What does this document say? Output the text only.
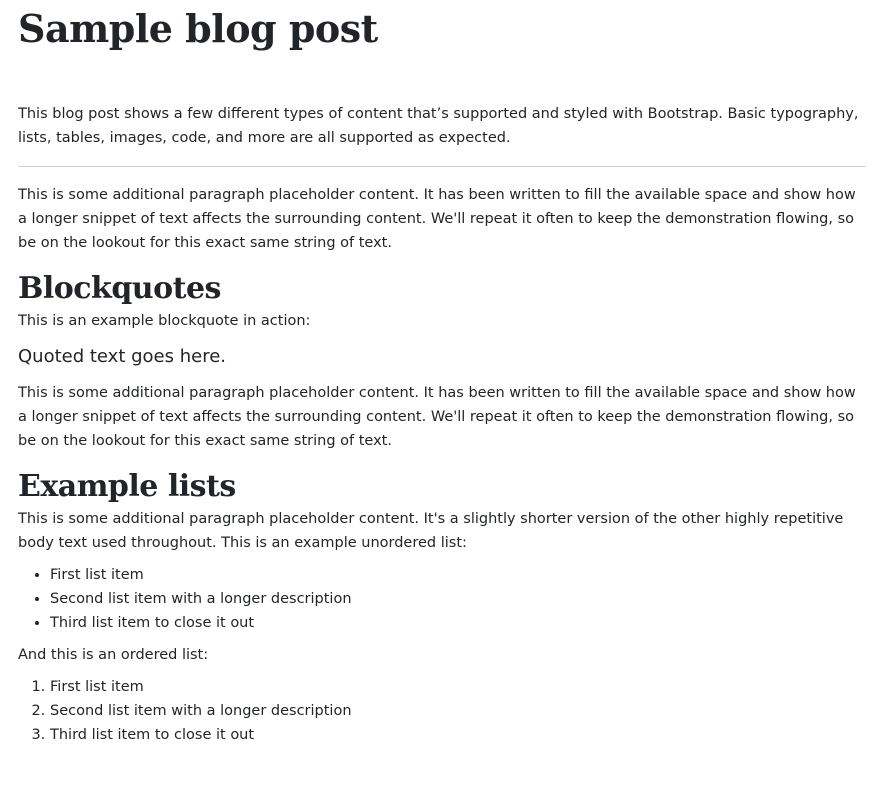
Sample blog post

This blog post shows a few different types of content that’s supported and styled with Bootstrap. Basic typography, lists, tables, images, code, and more are all supported as expected.

This is some additional paragraph placeholder content. It has been written to fill the available space and show how a longer snippet of text affects the surrounding content. We'll repeat it often to keep the demonstration flowing, so be on the lookout for this exact same string of text.

Blockquotes

This is an example blockquote in action:

Quoted text goes here.

This is some additional paragraph placeholder content. It has been written to fill the available space and show how a longer snippet of text affects the surrounding content. We'll repeat it often to keep the demonstration flowing, so be on the lookout for this exact same string of text.

Example lists

This is some additional paragraph placeholder content. It's a slightly shorter version of the other highly repetitive body text used throughout. This is an example unordered list:

• First list item
• Second list item with a longer description
• Third list item to close it out

And this is an ordered list:

1. First list item
2. Second list item with a longer description
3. Third list item to close it out
